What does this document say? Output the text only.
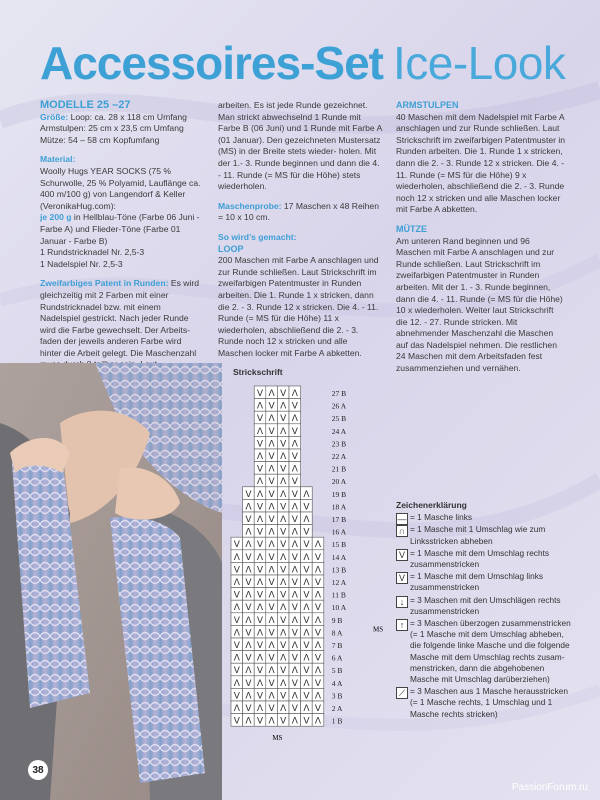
Accessoires-Set Ice-Look
MODELLE 25 –27
Größe: Loop: ca. 28 x 118 cm Umfang
Armstulpen: 25 cm x 23,5 cm Umfang
Mütze: 54 – 58 cm Kopfumfang
Material:
Woolly Hugs YEAR SOCKS (75 % Schurwolle, 25 % Polyamid, Lauflänge ca. 400 m/100 g) von Langendorf & Keller (VeronikaHug.com):
je 200 g in Hellblau-Töne (Farbe 06 Juni - Farbe A) und Flieder-Töne (Farbe 01 Januar - Farbe B)
1 Rundstricknadel Nr. 2,5-3
1 Nadelspiel Nr. 2,5-3
Zweifarbiges Patent in Runden: Es wird gleichzeitig mit 2 Farben mit einer Rundstricknadel bzw. mit einem Nadelspiel gestrickt. Nach jeder Runde wird die Farbe gewechselt. Der Arbeits- faden der jeweils anderen Farbe wird hinter die Arbeit gelegt. Die Maschenzahl
arbeiten. Es ist jede Runde gezeichnet. Man strickt abwechselnd 1 Runde mit Farbe B (06 Juni) und 1 Runde mit Farbe A (01 Januar). Den gezeichneten Mustersatz (MS) in der Breite stets wieder- holen. Mit der 1.- 3. Runde beginnen und dann die 4. - 11. Runde (= MS für die Höhe) stets wiederholen.
Maschenprobe: 17 Maschen x 48 Reihen = 10 x 10 cm.
So wird’s gemacht:
LOOP
200 Maschen mit Farbe A anschlagen und zur Runde schließen. Laut Strickschrift im zweifarbigen Patentmuster in Runden arbeiten. Die 1. Runde 1 x stricken, dann die 2. - 3. Runde 12 x stricken. Die 4. - 11. Runde (= MS für die Höhe) 11 x wiederholen, abschließend die 2. - 3. Runde noch 12 x stricken und alle Maschen locker mit Farbe A abketten.
ARMSTULPEN
40 Maschen mit dem Nadelspiel mit Farbe A anschlagen und zur Runde schließen. Laut Strickschrift im zweifarbigen Patentmuster in Runden arbeiten. Die 1. Runde 1 x stricken, dann die 2. - 3. Runde 12 x stricken. Die 4. - 11. Runde (= MS für die Höhe) 9 x wiederholen, abschließend die 2. - 3. Runde noch 12 x stricken und alle Maschen locker mit Farbe A abketten.
MÜTZE
Am unteren Rand beginnen und 96 Maschen mit Farbe A anschlagen und zur Runde schließen. Laut Strickschrift im zweifarbigen Patentmuster in Runden arbeiten. Mit der 1. - 3. Runde beginnen, dann die 4. - 11. Runde (= MS für die Höhe) 10 x wiederholen. Weiter laut Strickschrift die 12. - 27. Runde stricken. Mit abnehmender Maschenzahl die Maschen auf das Nadelspiel nehmen. Die restlichen 24 Maschen mit dem Arbeitsfaden fest zusammenziehen und vernähen.
38
Strickschrift
V Λ V Λ	27 B
Λ V Λ V	26 A
V Λ V Λ	25 B
Λ V Λ V	24 A
V Λ V Λ	23 B
Λ V Λ V	22 A
V Λ V Λ	21 B
Λ V Λ V	20 A
V Λ V Λ V Λ	19 B
Λ V Λ V Λ V	18 A
V Λ V Λ V Λ	17 B
Λ V Λ V Λ V	16 A
V Λ V Λ V Λ V Λ 15 B
Λ V Λ V Λ V Λ V 14 A
V Λ V Λ V Λ V Λ 13 B
Λ V Λ V Λ V Λ V 12 A
V Λ V Λ V Λ V Λ 11 B
Λ V Λ V Λ V Λ V 10 A
V Λ V Λ V Λ V Λ 9 B
Λ V Λ V Λ V Λ V 8 A
V Λ V Λ V Λ V Λ 7 B
Λ V Λ V Λ V Λ V 6 A
V Λ V Λ V Λ V Λ 5 B
Λ V Λ V Λ V Λ V 4 A
V Λ V Λ V Λ V Λ 3 B
Λ V Λ V Λ V Λ V 2 A
V Λ V Λ V Λ V Λ 1 B
MS
MS
Zeichenerklärung
— = 1 Masche links
∩ = 1 Masche mit 1 Umschlag wie zum Linksstricken abheben
V = 1 Masche mit dem Umschlag rechts zusammenstricken
V = 1 Masche mit dem Umschlag links zusammenstricken
↓ = 3 Maschen mit den Umschlägen rechts zusammenstricken
↑ = 3 Maschen überzogen zusammenstricken (= 1 Masche mit dem Umschlag abheben, die folgende linke Masche und die folgende Masche mit dem Umschlag rechts zusam- menstricken, dann die abgehobenen Masche mit Umschlag darüberziehen)
⟋ = 3 Maschen aus 1 Masche herausstricken (= 1 Masche rechts, 1 Umschlag und 1 Masche rechts stricken)
PassionForum.ru
